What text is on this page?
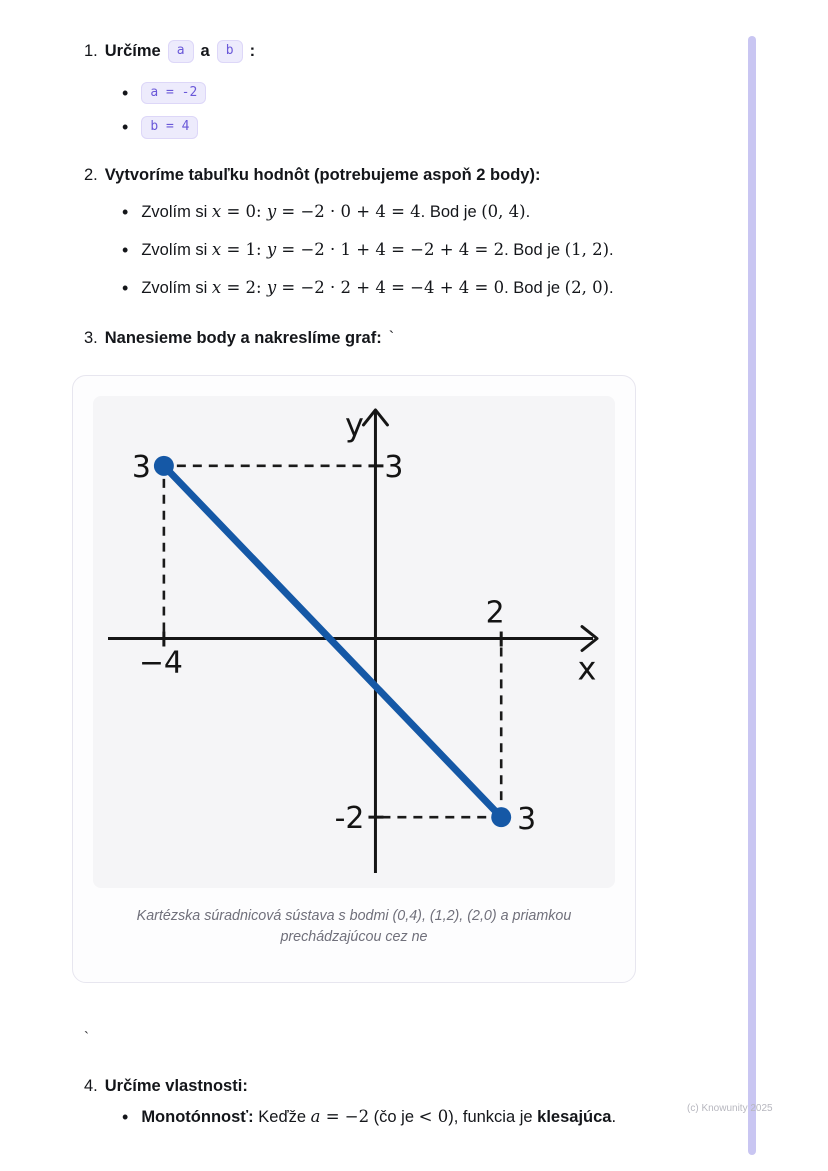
1. Určíme	a a	b :
•	a = -2
•	b = 4
2. Vytvoríme tabuľku hodnôt (potrebujeme aspoň 2 body):
• Zvolím si x = 0: y = −2 · 0 + 4 = 4. Bod je (0, 4).
• Zvolím si x = 1: y = −2 · 1 + 4 = −2 + 4 = 2. Bod je (1, 2).
• Zvolím si x = 2: y = −2 · 2 + 4 = −4 + 4 = 0. Bod je (2, 0).
3. Nanesieme body a nakreslíme graf: `
y
x
3	3
−4
2
-2	3
Kartézska súradnicová sústava s bodmi (0,4), (1,2), (2,0) a priamkou
prechádzajúcou cez ne
`
4. Určíme vlastnosti:
• Monotónnosť: Keďže a = −2 (čo je < 0), funkcia je klesajúca.	(c) Knowunity 2025
